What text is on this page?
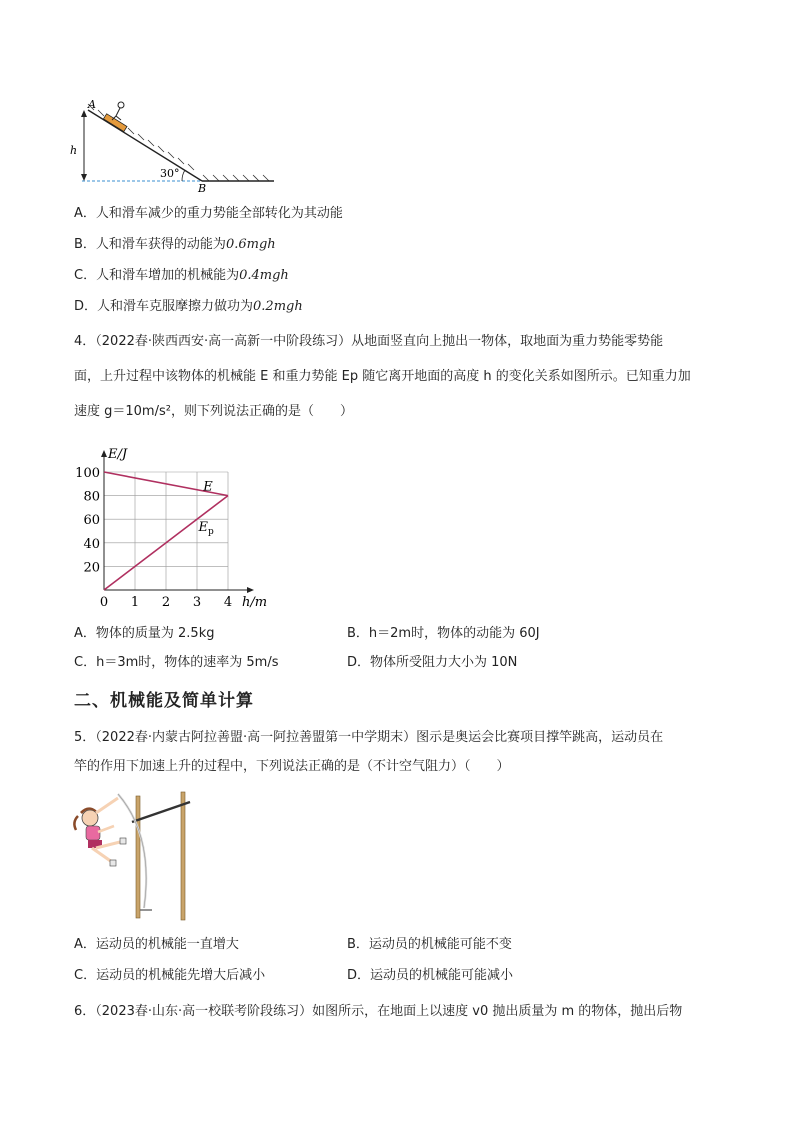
A
h
30°
B
A．人和滑车减少的重力势能全部转化为其动能
B．人和滑车获得的动能为0.6mgh
C．人和滑车增加的机械能为0.4mgh
D．人和滑车克服摩擦力做功为0.2mgh
4．（2022春·陕西西安·高一高新一中阶段练习）从地面竖直向上抛出一物体，取地面为重力势能零势能
面，上升过程中该物体的机械能 E 和重力势能 Ep 随它离开地面的高度 h 的变化关系如图所示。已知重力加
速度 g＝10m/s²，则下列说法正确的是（　　）
0 1 2 3 4
20
40
60
80
100
h/m
E/J
E
$E_p$
A．物体的质量为 2.5kg	B．h＝2m时，物体的动能为 60J
C．h＝3m时，物体的速率为 5m/s	D．物体所受阻力大小为 10N
二、机械能及简单计算
5．（2022春·内蒙古阿拉善盟·高一阿拉善盟第一中学期末）图示是奥运会比赛项目撑竿跳高，运动员在
竿的作用下加速上升的过程中，下列说法正确的是（不计空气阻力）（　　）
A．运动员的机械能一直增大	B．运动员的机械能可能不变
C．运动员的机械能先增大后减小	D．运动员的机械能可能减小
6．（2023春·山东·高一校联考阶段练习）如图所示，在地面上以速度 v0 抛出质量为 m 的物体，抛出后物
